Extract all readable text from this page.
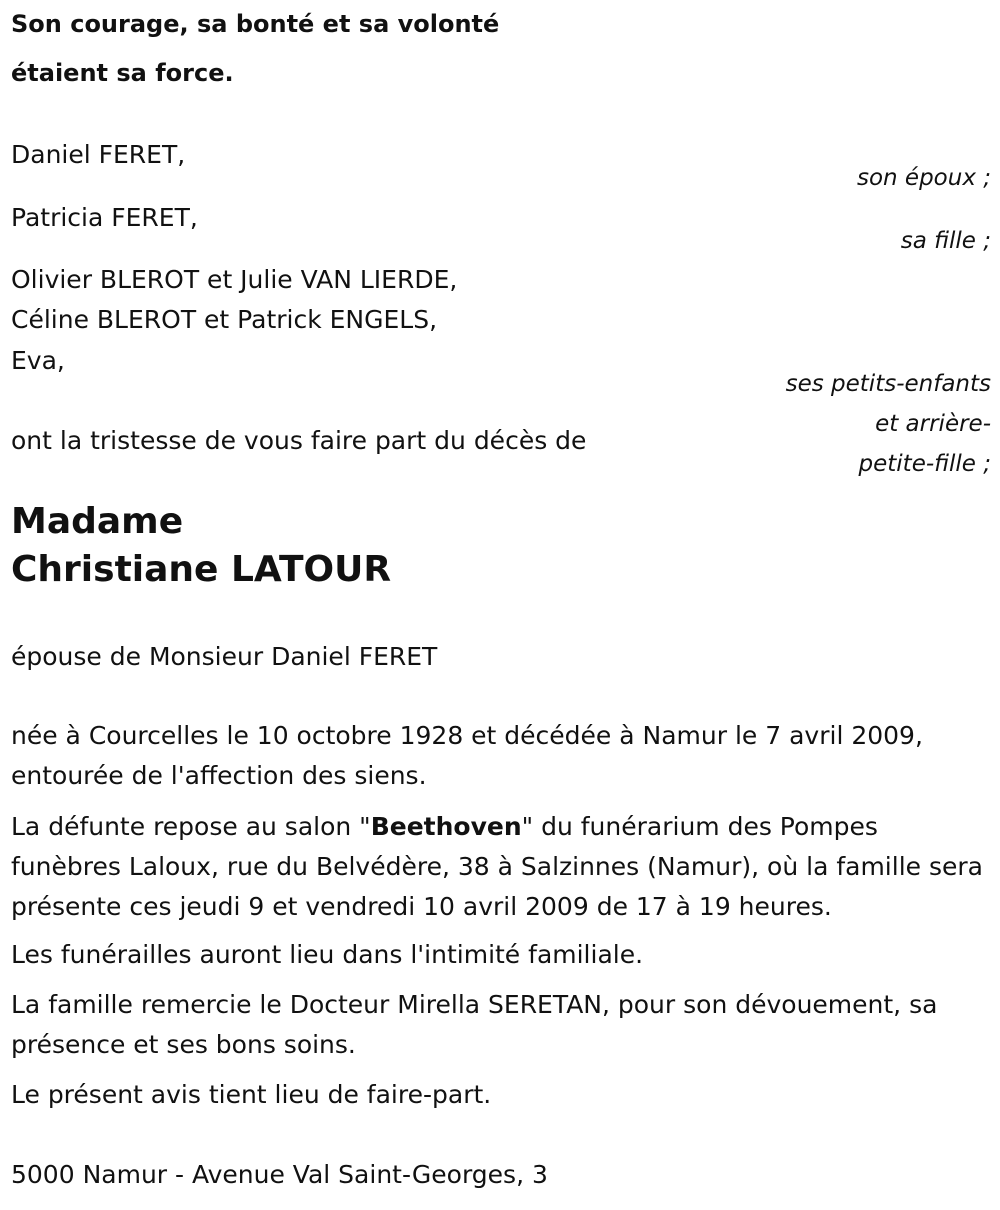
Son courage, sa bonté et sa volonté
étaient sa force.
Daniel FERET,
son époux ;
Patricia FERET,
sa fille ;
Olivier BLEROT et Julie VAN LIERDE,
Céline BLEROT et Patrick ENGELS,
Eva,
ses petits-enfants
et arrière-
petite-fille ;
ont la tristesse de vous faire part du décès de
Madame
Christiane LATOUR
épouse de Monsieur Daniel FERET
née à Courcelles le 10 octobre 1928 et décédée à Namur le 7 avril 2009, entourée de l'affection des siens.
La défunte repose au salon "Beethoven" du funérarium des Pompes funèbres Laloux, rue du Belvédère, 38 à Salzinnes (Namur), où la famille sera présente ces jeudi 9 et vendredi 10 avril 2009 de 17 à 19 heures.
Les funérailles auront lieu dans l'intimité familiale.
La famille remercie le Docteur Mirella SERETAN, pour son dévouement, sa présence et ses bons soins.
Le présent avis tient lieu de faire-part.
5000 Namur - Avenue Val Saint-Georges, 3
